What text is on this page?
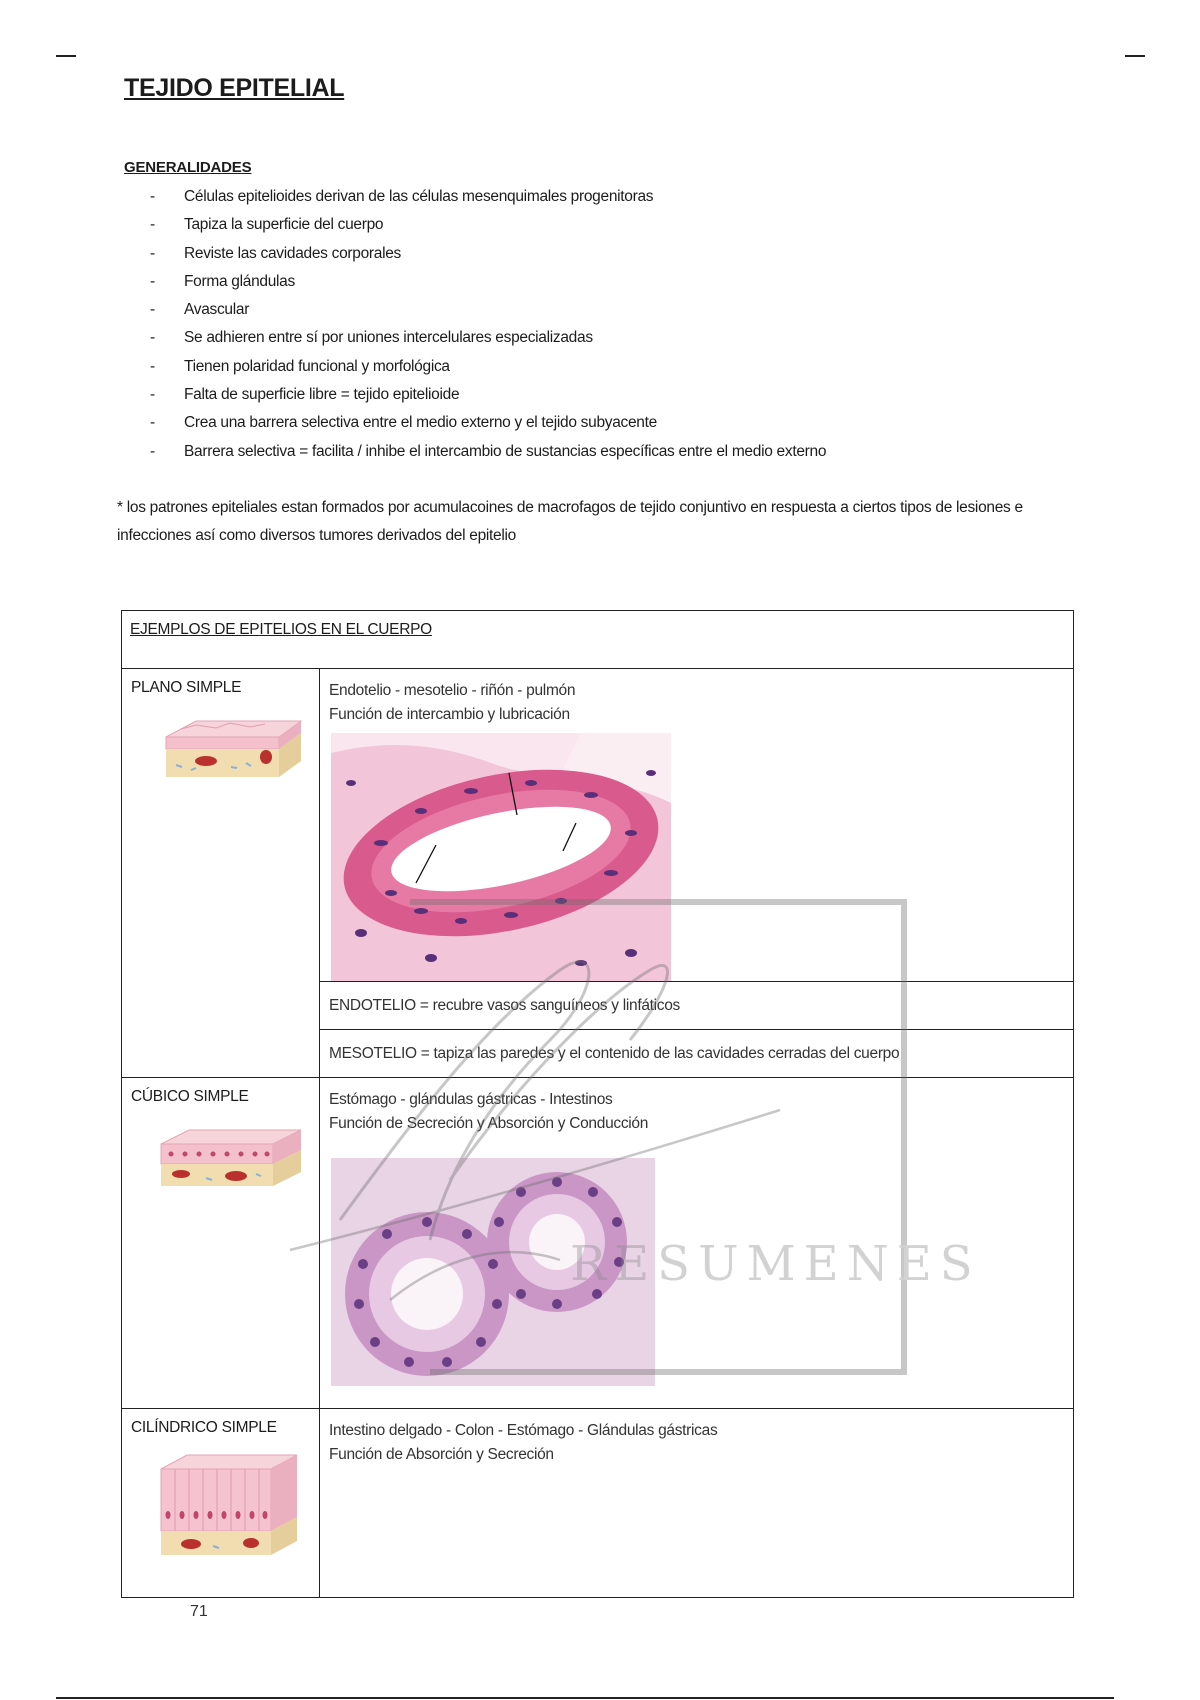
TEJIDO EPITELIAL
GENERALIDADES
- Células epitelioides derivan de las células mesenquimales progenitoras
- Tapiza la superficie del cuerpo
- Reviste las cavidades corporales
- Forma glándulas
- Avascular
- Se adhieren entre sí por uniones intercelulares especializadas
- Tienen polaridad funcional y morfológica
- Falta de superficie libre = tejido epitelioide
- Crea una barrera selectiva entre el medio externo y el tejido subyacente
- Barrera selectiva = facilita / inhibe el intercambio de sustancias específicas entre el medio externo

* los patrones epiteliales estan formados por acumulacoines de macrofagos de tejido conjuntivo en respuesta a ciertos tipos de lesiones e infecciones así como diversos tumores derivados del epitelio

EJEMPLOS DE EPITELIOS EN EL CUERPO	

PLANO SIMPLE	Endotelio - mesotelio - riñón - pulmón
Función de intercambio y lubricación

	ENDOTELIO = recubre vasos sanguíneos y linfáticos
	MESOTELIO = tapiza las paredes y el contenido de las cavidades cerradas del cuerpo

CÚBICO SIMPLE	Estómago - glándulas gástricas - Intestinos
Función de Secreción y Absorción y Conducción

CILÍNDRICO SIMPLE	Intestino delgado - Colon - Estómago - Glándulas gástricas
Función de Absorción y Secreción
RESUMENES
71
